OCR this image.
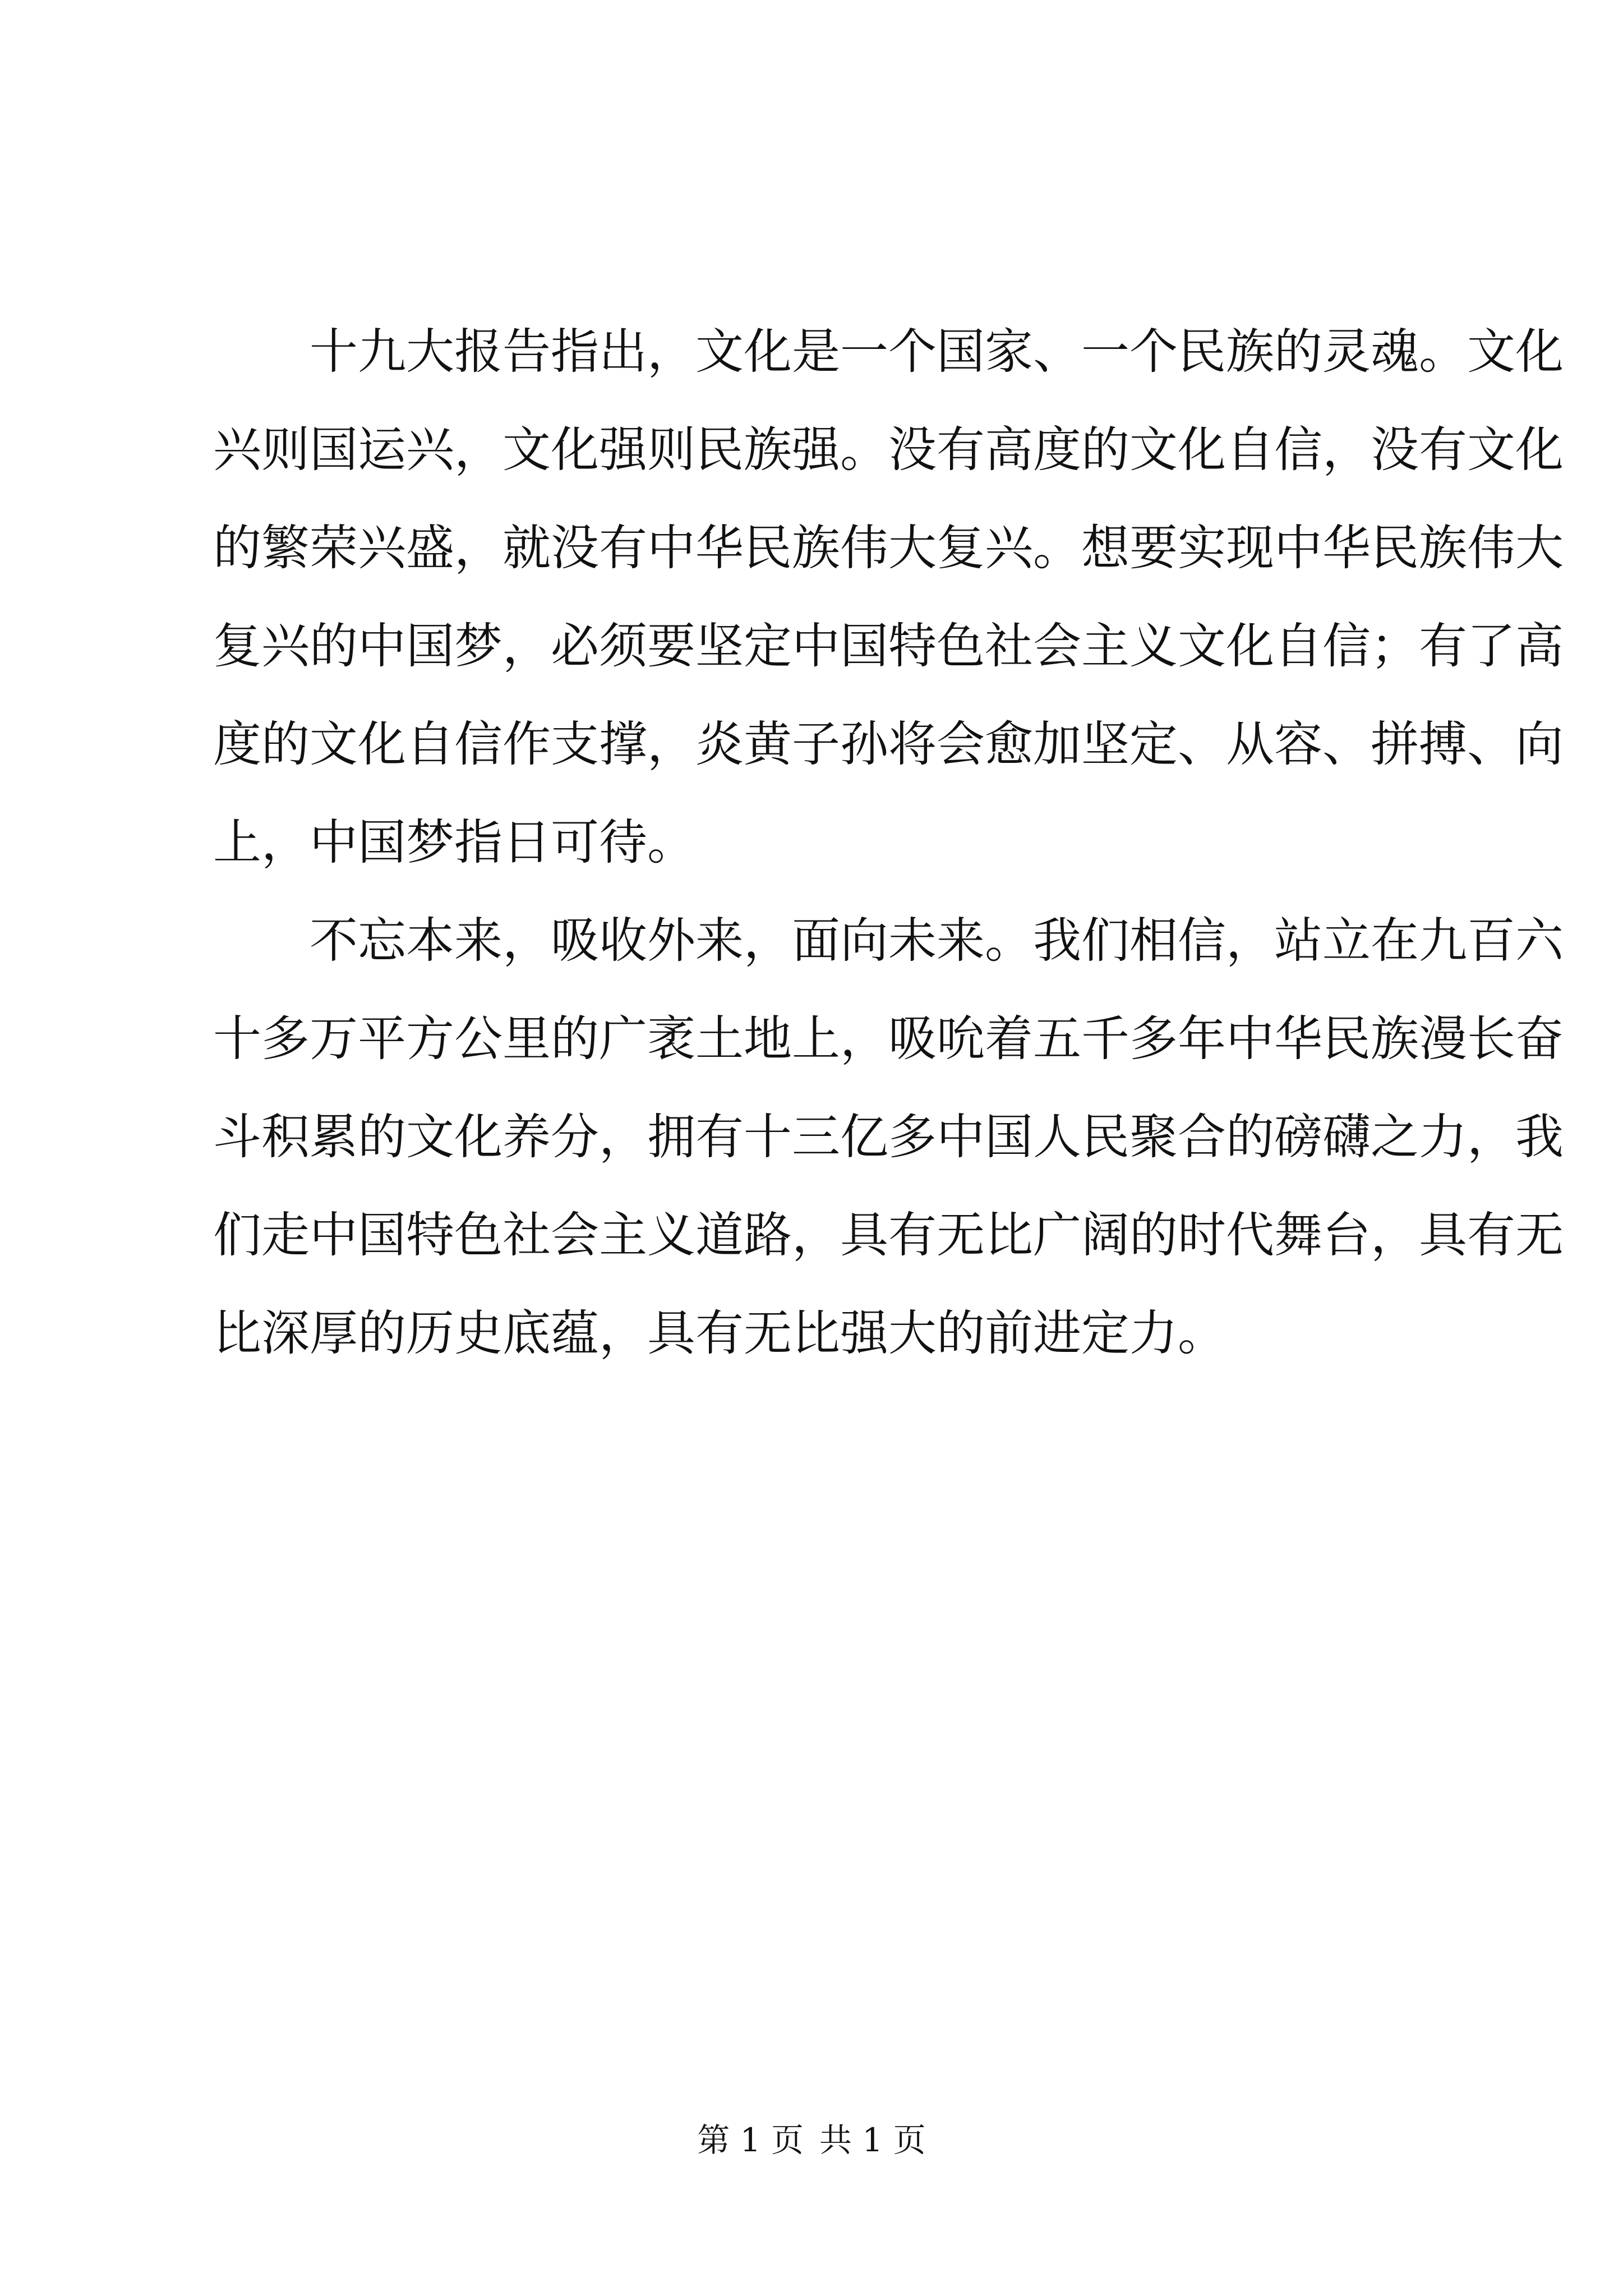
　　十九大报告指出，文化是一个国家、一个民族的灵魂。文化
兴则国运兴，文化强则民族强。没有高度的文化自信，没有文化
的繁荣兴盛，就没有中华民族伟大复兴。想要实现中华民族伟大
复兴的中国梦，必须要坚定中国特色社会主义文化自信；有了高
度的文化自信作支撑，炎黄子孙将会愈加坚定、从容、拼搏、向
上，中国梦指日可待。
　　不忘本来，吸收外来，面向未来。我们相信，站立在九百六
十多万平方公里的广袤土地上，吸吮着五千多年中华民族漫长奋
斗积累的文化养分，拥有十三亿多中国人民聚合的磅礴之力，我
们走中国特色社会主义道路，具有无比广阔的时代舞台，具有无
比深厚的历史底蕴，具有无比强大的前进定力。
第 1 页 共 1 页
